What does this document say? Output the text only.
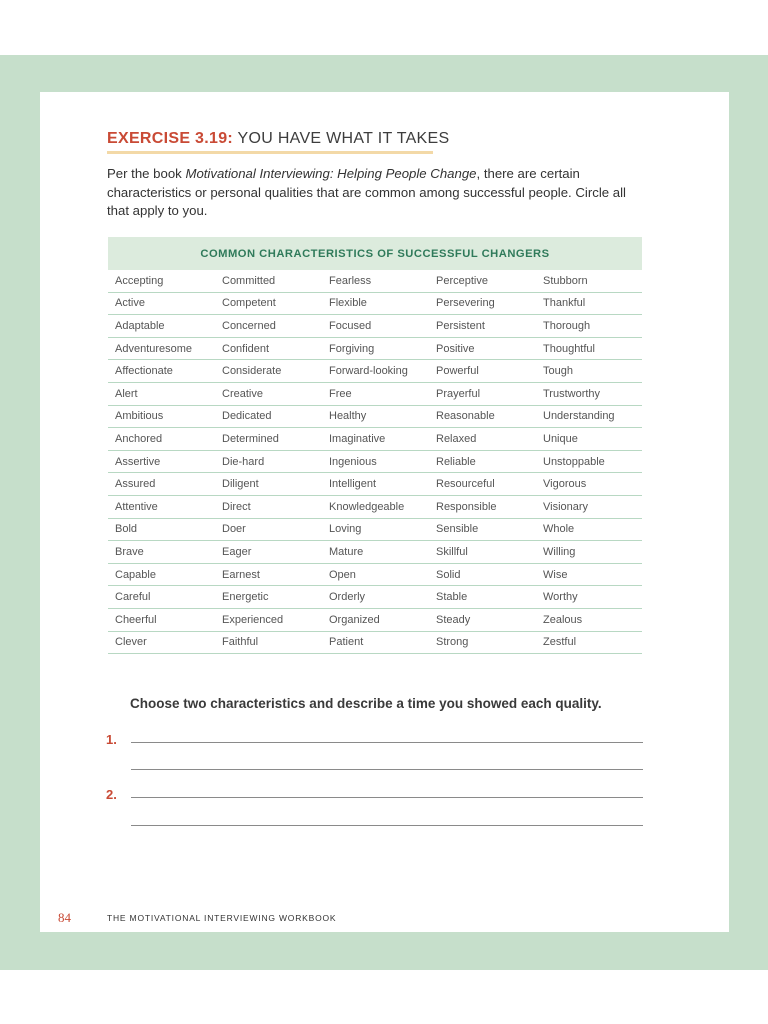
EXERCISE 3.19: YOU HAVE WHAT IT TAKES
Per the book Motivational Interviewing: Helping People Change, there are certain characteristics or personal qualities that are common among successful people. Circle all that apply to you.
COMMON CHARACTERISTICS OF SUCCESSFUL CHANGERS
Accepting	Committed	Fearless	Perceptive	Stubborn
Active	Competent	Flexible	Persevering	Thankful
Adaptable	Concerned	Focused	Persistent	Thorough
Adventuresome	Confident	Forgiving	Positive	Thoughtful
Affectionate	Considerate	Forward-looking	Powerful	Tough
Alert	Creative	Free	Prayerful	Trustworthy
Ambitious	Dedicated	Healthy	Reasonable	Understanding
Anchored	Determined	Imaginative	Relaxed	Unique
Assertive	Die-hard	Ingenious	Reliable	Unstoppable
Assured	Diligent	Intelligent	Resourceful	Vigorous
Attentive	Direct	Knowledgeable	Responsible	Visionary
Bold	Doer	Loving	Sensible	Whole
Brave	Eager	Mature	Skillful	Willing
Capable	Earnest	Open	Solid	Wise
Careful	Energetic	Orderly	Stable	Worthy
Cheerful	Experienced	Organized	Steady	Zealous
Clever	Faithful	Patient	Strong	Zestful
Choose two characteristics and describe a time you showed each quality.
1.
2.
84	THE MOTIVATIONAL INTERVIEWING WORKBOOK
